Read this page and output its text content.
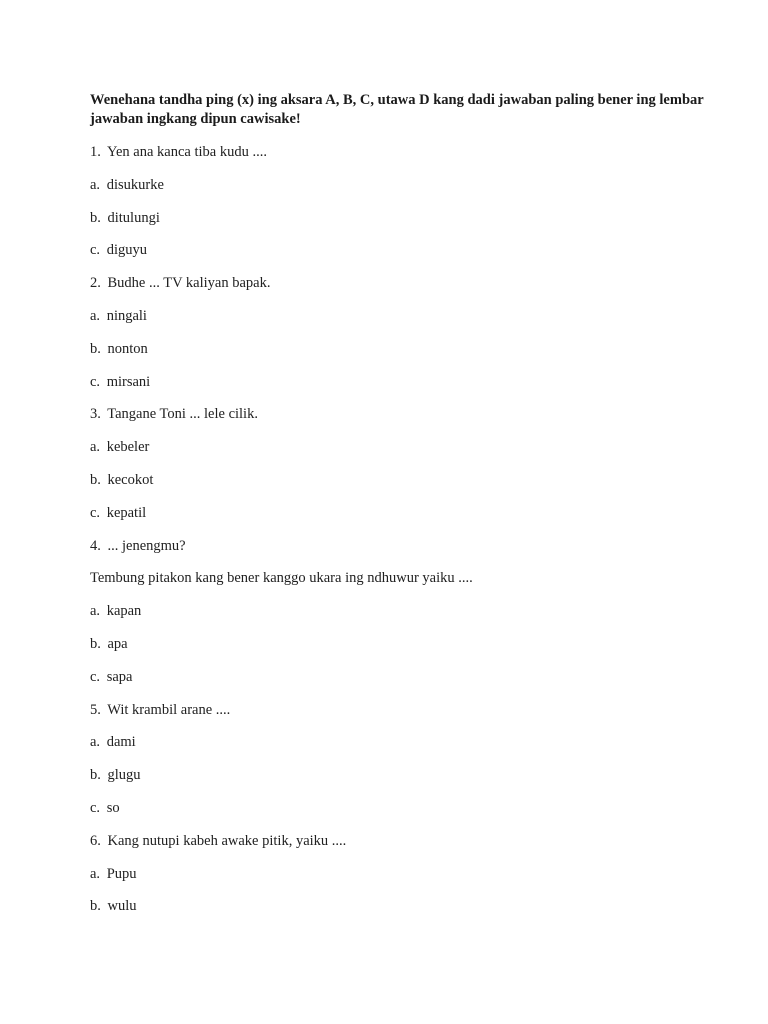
Wenehana tandha ping (x) ing aksara A, B, C, utawa D kang dadi jawaban paling bener ing lembar
jawaban ingkang dipun cawisake!

1. Yen ana kanca tiba kudu ....

a. disukurke

b. ditulungi

c. diguyu

2. Budhe ... TV kaliyan bapak.

a. ningali

b. nonton

c. mirsani

3. Tangane Toni ... lele cilik.

a. kebeler

b. kecokot

c. kepatil

4. ... jenengmu?

Tembung pitakon kang bener kanggo ukara ing ndhuwur yaiku ....

a. kapan

b. apa

c. sapa

5. Wit krambil arane ....

a. dami

b. glugu

c. so

6. Kang nutupi kabeh awake pitik, yaiku ....

a. Pupu

b. wulu
